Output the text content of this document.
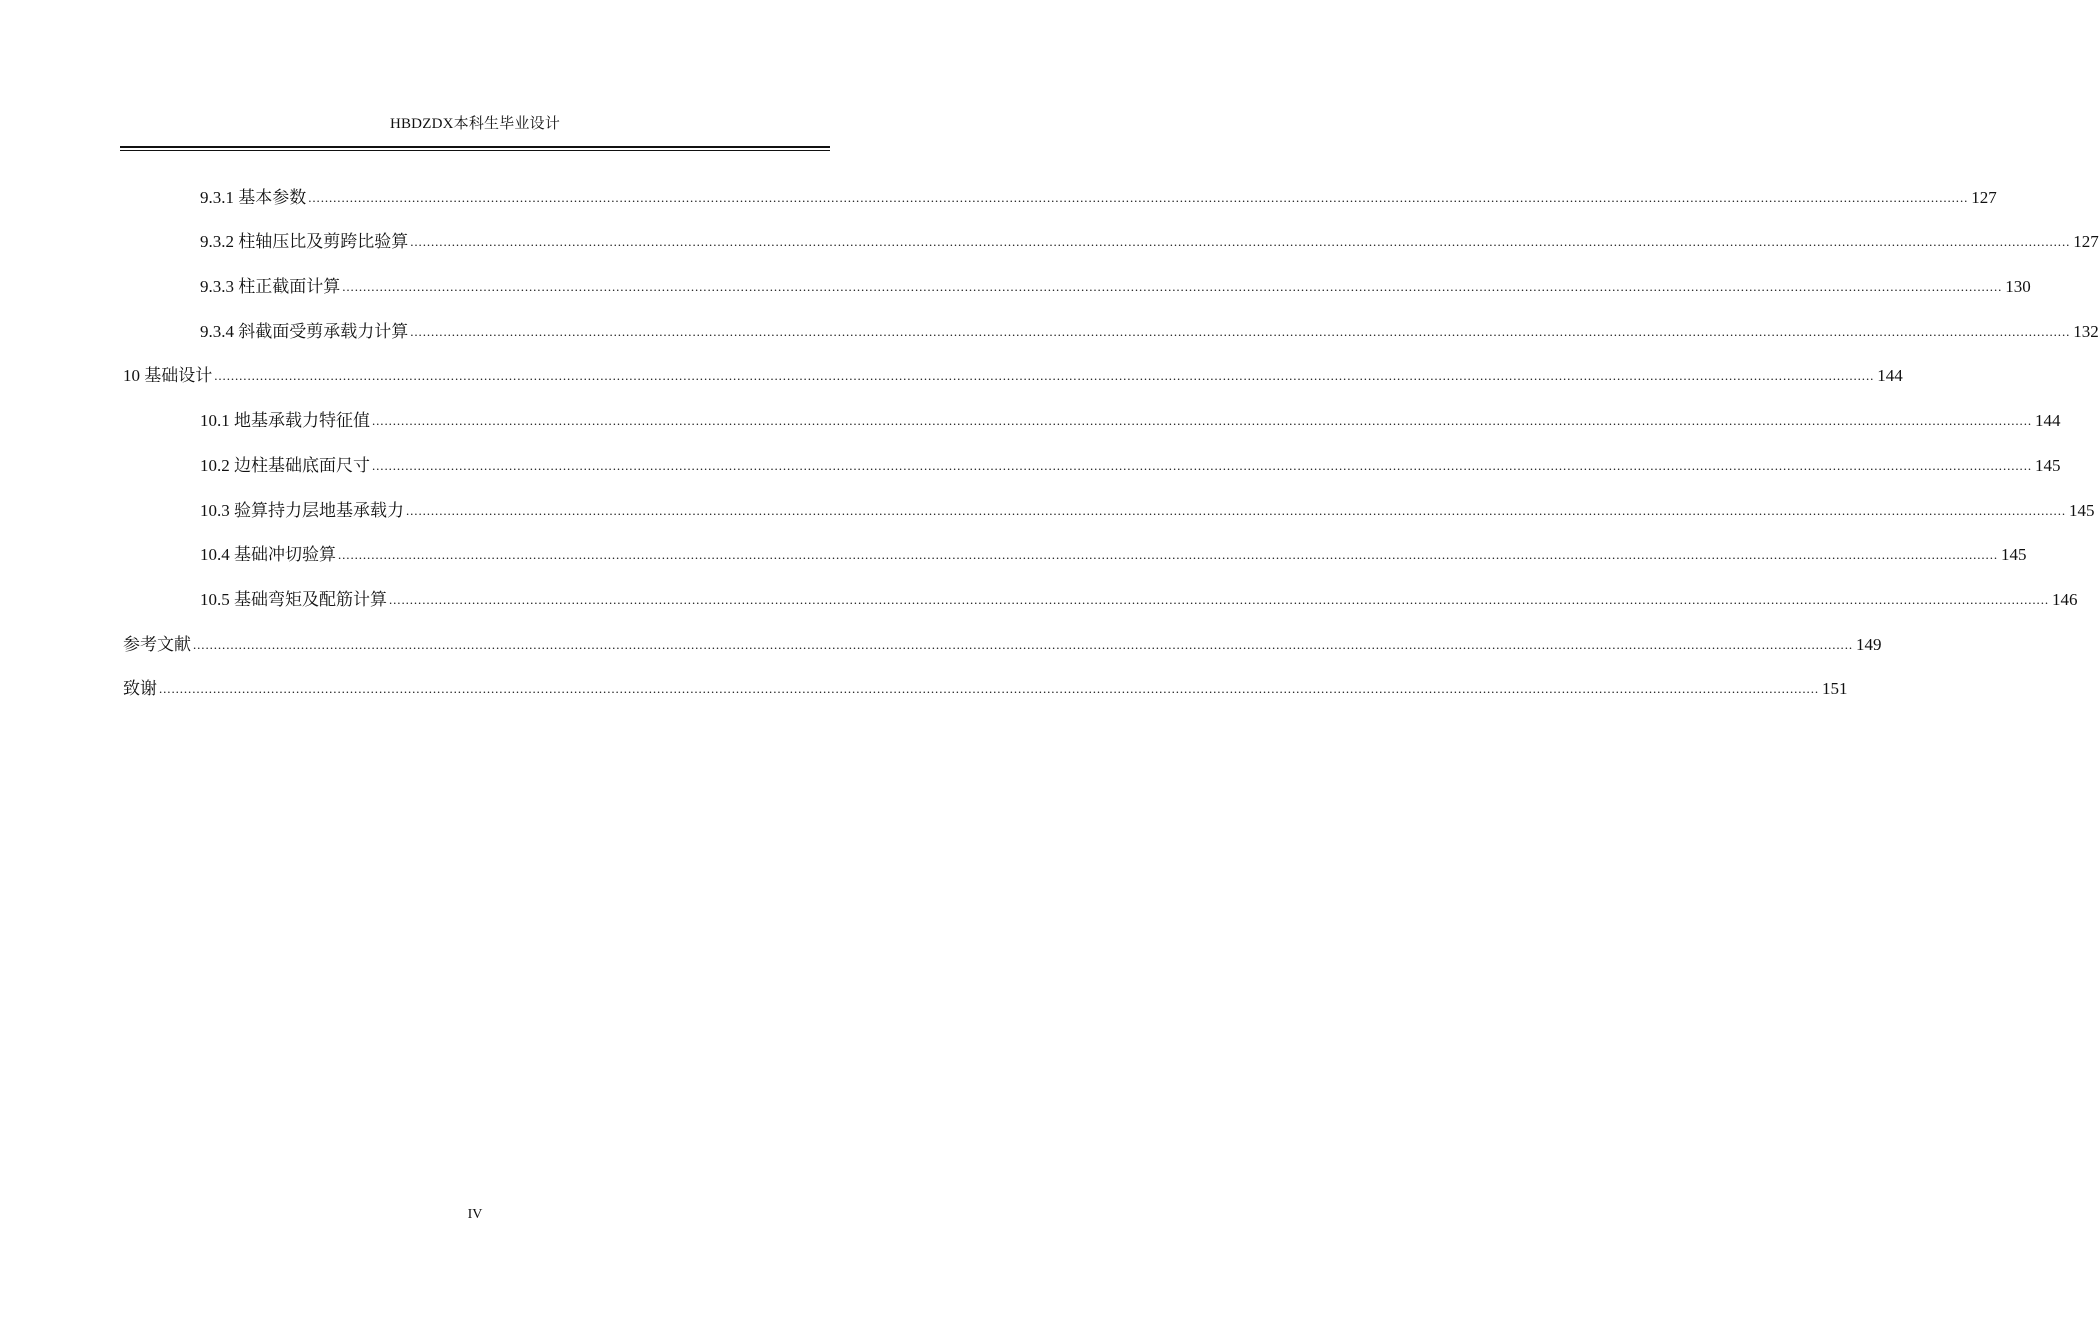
HBDZDX本科生毕业设计
9.3.1 基本参数 ................................................................................................................................................................................................................................................................................................................................................................................................................ 127
9.3.2 柱轴压比及剪跨比验算 ................................................................................................................................................................................................................................................................................................................................................................................................................ 127
9.3.3 柱正截面计算 ................................................................................................................................................................................................................................................................................................................................................................................................................ 130
9.3.4 斜截面受剪承载力计算 ................................................................................................................................................................................................................................................................................................................................................................................................................ 132
10 基础设计 ................................................................................................................................................................................................................................................................................................................................................................................................................ 144
10.1 地基承载力特征值 ................................................................................................................................................................................................................................................................................................................................................................................................................ 144
10.2 边柱基础底面尺寸 ................................................................................................................................................................................................................................................................................................................................................................................................................ 145
10.3 验算持力层地基承载力 ................................................................................................................................................................................................................................................................................................................................................................................................................ 145
10.4 基础冲切验算 ................................................................................................................................................................................................................................................................................................................................................................................................................ 145
10.5 基础弯矩及配筋计算 ................................................................................................................................................................................................................................................................................................................................................................................................................ 146
参考文献 ................................................................................................................................................................................................................................................................................................................................................................................................................ 149
致谢 ................................................................................................................................................................................................................................................................................................................................................................................................................ 151
IV
